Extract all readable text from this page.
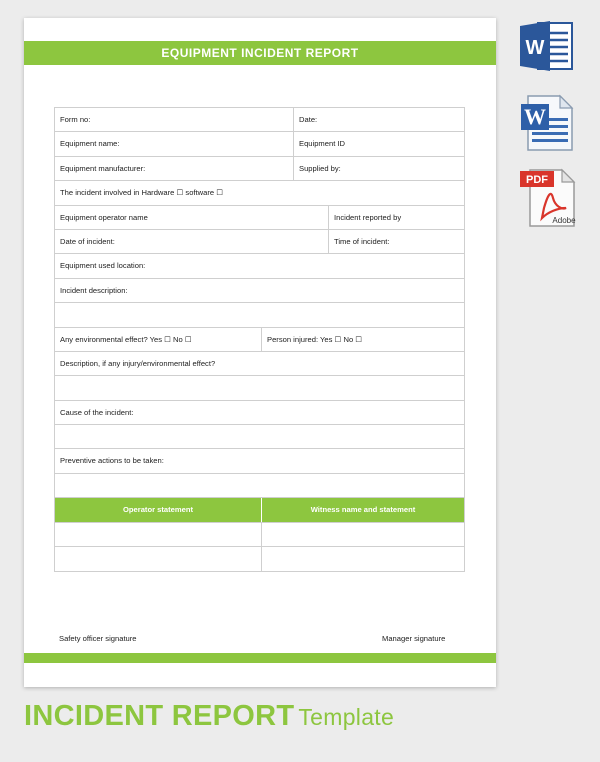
EQUIPMENT INCIDENT REPORT
Form no:	Date:
Equipment name:	Equipment ID
Equipment manufacturer:	Supplied by:
The incident involved in Hardware ☐ software ☐
Equipment operator name	Incident reported by
Date of incident:	Time of incident:
Equipment used location:
Incident description:
Any environmental effect? Yes ☐ No ☐	Person injured: Yes ☐ No ☐
Description, if any injury/environmental effect?
Cause of the incident:
Preventive actions to be taken:
Operator statement	Witness name and statement
Safety officer signature	Manager signature
W
W
PDF
Adobe
INCIDENT REPORT Template
